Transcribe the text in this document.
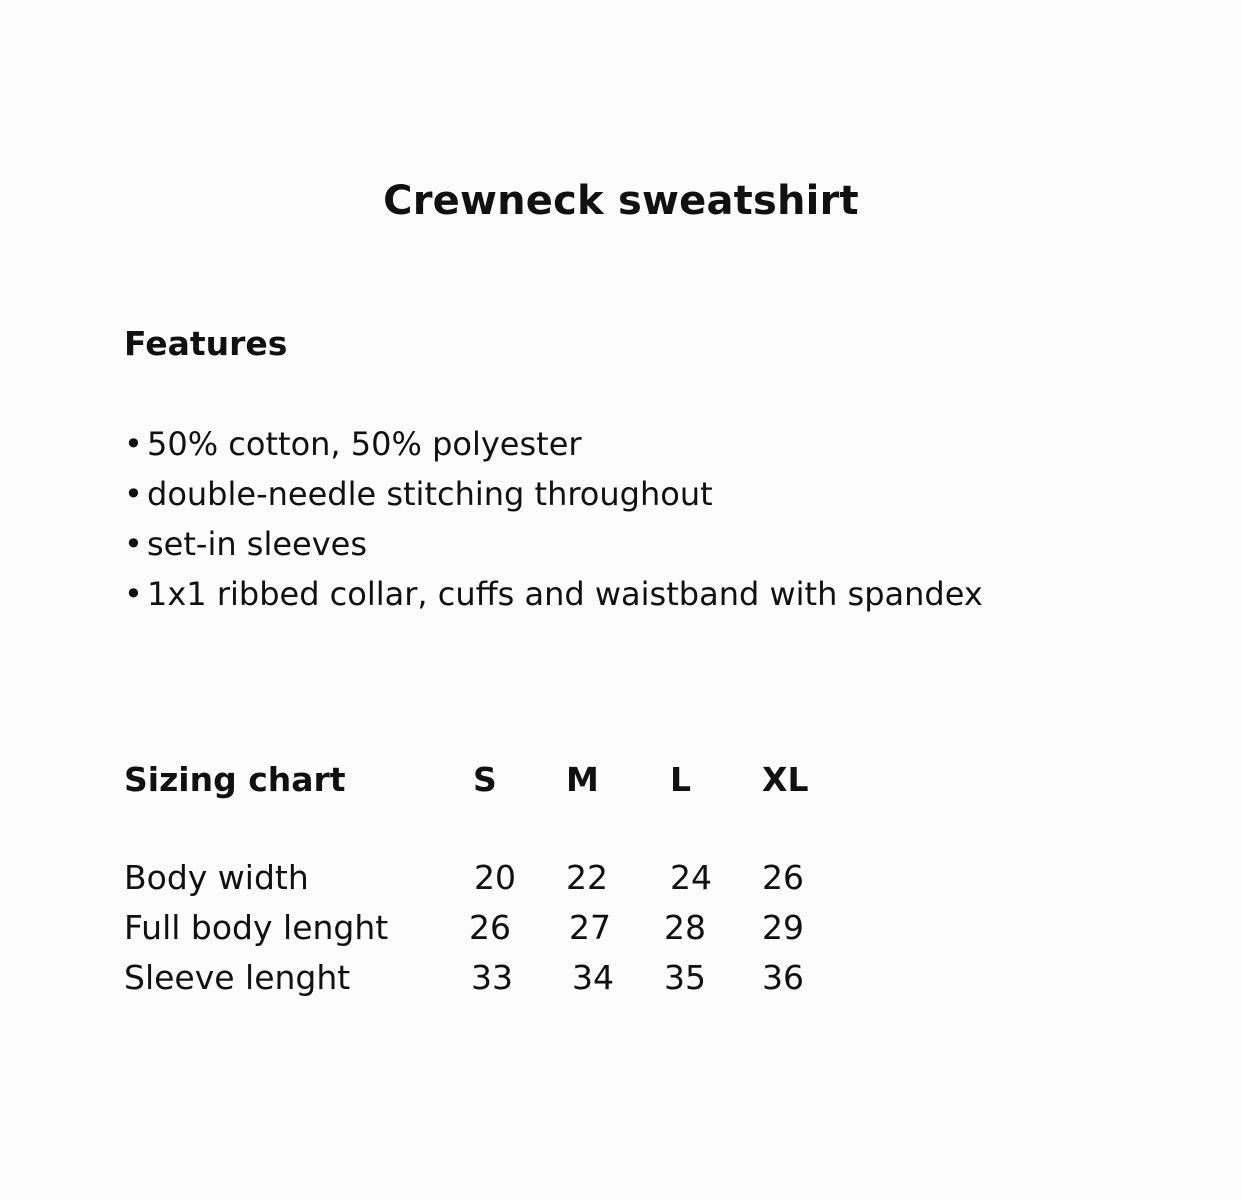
Crewneck sweatshirt
Features
• 50% cotton, 50% polyester
• double-needle stitching throughout
• set-in sleeves
• 1x1 ribbed collar, cuffs and waistband with spandex
Sizing chart	S	M	L	XL

Body width	20	22	24	26
Full body lenght	26	27	28	29
Sleeve lenght	33	34	35	36
